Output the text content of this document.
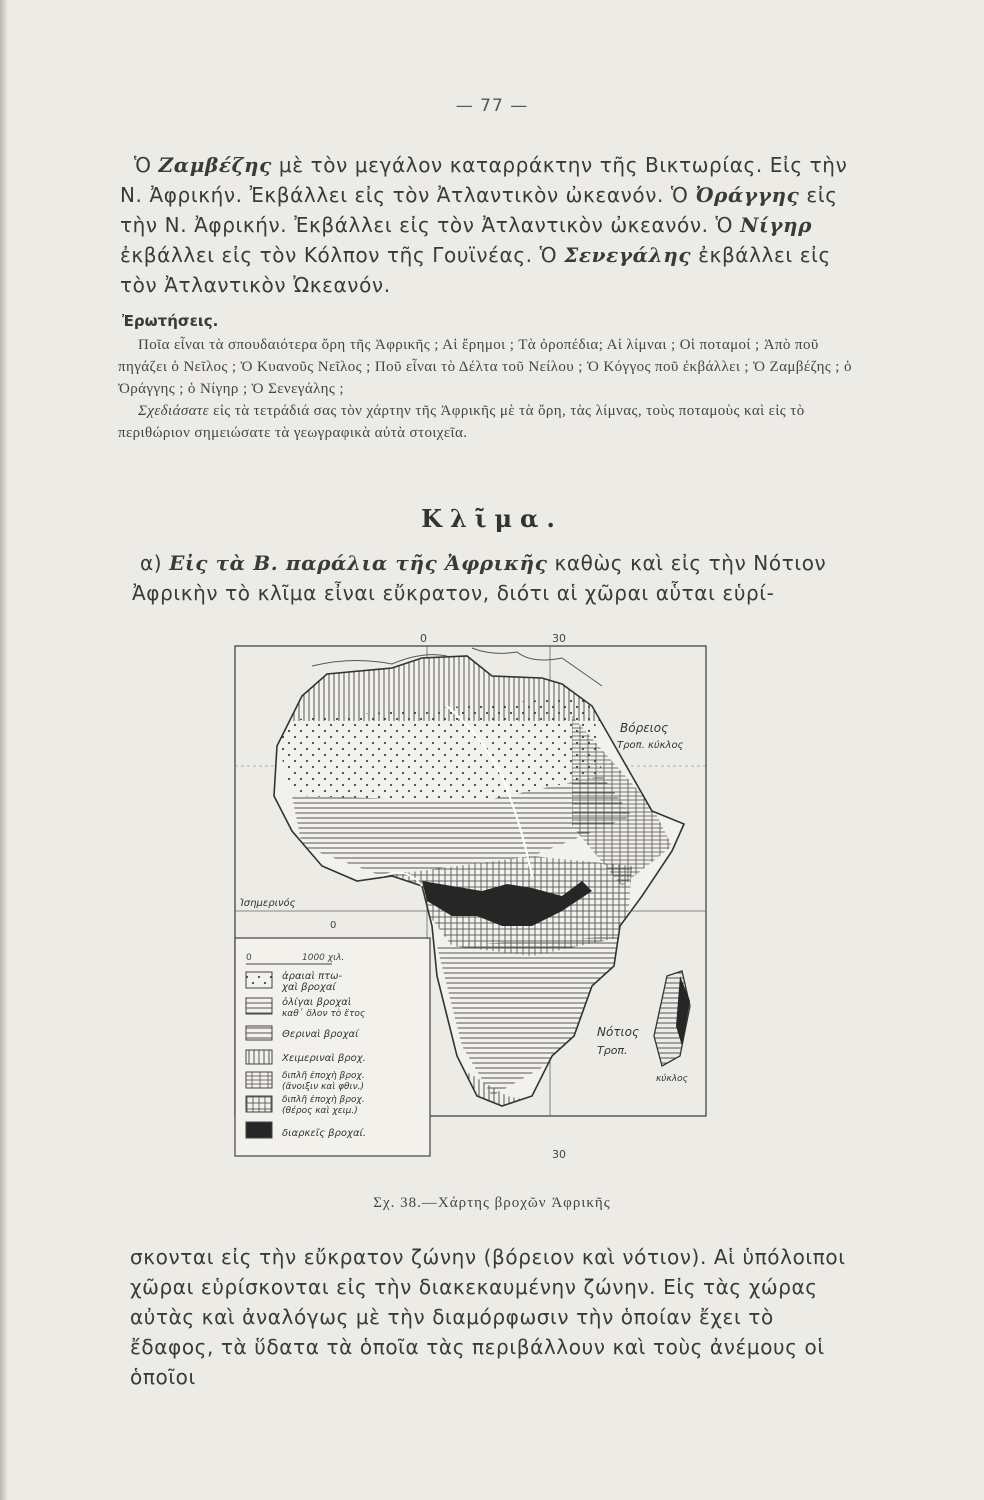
— 77 —
Ὁ Ζαμβέζης μὲ τὸν μεγάλον καταρράκτην τῆς Βικτωρίας. Εἰς τὴν Ν. Ἀφρικήν. Ἐκβάλλει εἰς τὸν Ἀτλαντικὸν ὠκεανόν. Ὁ Ὀράγγης εἰς τὴν Ν. Ἀφρικήν. Ἐκβάλλει εἰς τὸν Ἀτλαντικὸν ὠκεανόν. Ὁ Νίγηρ ἐκβάλλει εἰς τὸν Κόλπον τῆς Γουϊνέας. Ὁ Σενεγάλης ἐκβάλλει εἰς τὸν Ἀτλαντικὸν Ὠκεανόν.
Ἐρωτήσεις.

Ποῖα εἶναι τὰ σπουδαιότερα ὄρη τῆς Ἀφρικῆς ; Αἱ ἔρημοι ; Τὰ ὀροπέδια; Αἱ λίμναι ; Οἱ ποταμοί ; Ἀπὸ ποῦ πηγάζει ὁ Νεῖλος ; Ὁ Κυανοῦς Νεῖλος ; Ποῦ εἶναι τὸ Δέλτα τοῦ Νείλου ; Ὁ Κόγγος ποῦ ἐκβάλλει ; Ὁ Ζαμβέζης ; ὁ Ὀράγγης ; ὁ Νίγηρ ; Ὁ Σενεγάλης ;

Σχεδιάσατε εἰς τὰ τετράδιά σας τὸν χάρτην τῆς Ἀφρικῆς μὲ τὰ ὄρη, τὰς λίμνας, τοὺς ποταμοὺς καὶ εἰς τὸ περιθώριον σημειώσατε τὰ γεωγραφικὰ αὐτὰ στοιχεῖα.

Κλῖμα.
α) Εἰς τὰ Β. παράλια τῆς Ἀφρικῆς καθὼς καὶ εἰς τὴν Νότιον Ἀφρικὴν τὸ κλῖμα εἶναι εὔκρατον, διότι αἱ χῶραι αὗται εὑρί-
0	30
Βόρειος
Τροπ. κύκλος
Ἰσημερινός
0
Νότιος
Τροπ.
κύκλος
30
0	1000 χιλ.
ἀραιαὶ πτω-
χαὶ βροχαί
ὀλίγαι βροχαὶ
καθ᾿ ὅλον τὸ ἔτος
Θεριναὶ βροχαί
Χειμεριναὶ βροχ.
διπλῆ ἐποχὴ βροχ.
(ἄνοιξιν καὶ φθιν.)
διπλῆ ἐποχὴ βροχ.
(θέρος καὶ χειμ.)
διαρκεῖς βροχαί.
Σχ. 38.—Χάρτης βροχῶν Ἀφρικῆς
σκονται εἰς τὴν εὔκρατον ζώνην (βόρειον καὶ νότιον). Αἱ ὑπόλοιποι χῶραι εὑρίσκονται εἰς τὴν διακεκαυμένην ζώνην. Εἰς τὰς χώρας αὐτὰς καὶ ἀναλόγως μὲ τὴν διαμόρφωσιν τὴν ὁποίαν ἔχει τὸ ἔδαφος, τὰ ὕδατα τὰ ὁποῖα τὰς περιβάλλουν καὶ τοὺς ἀνέμους οἱ ὁποῖοι
